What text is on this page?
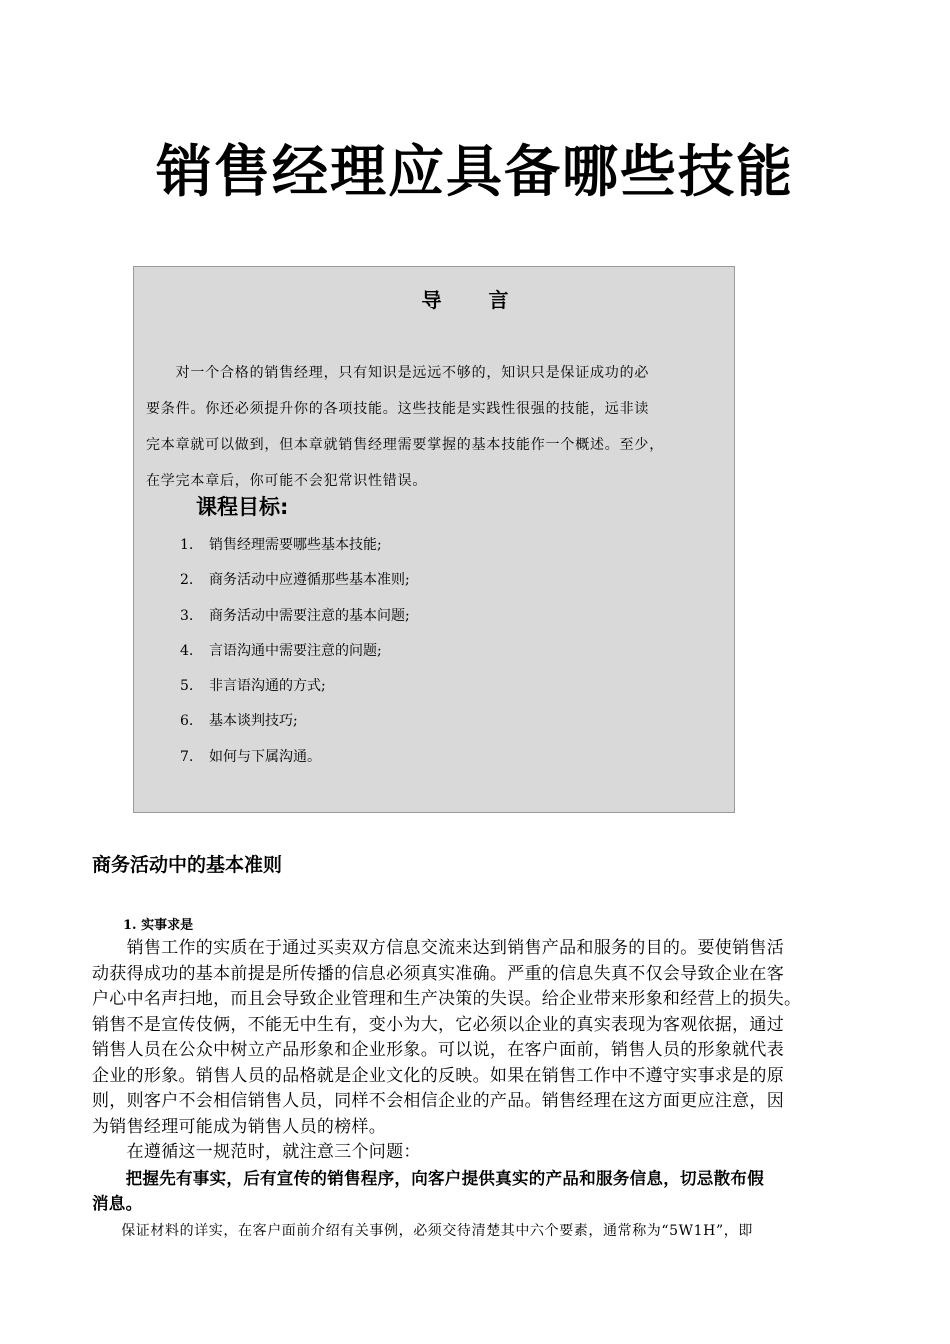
销售经理应具备哪些技能
导 言

　　对一个合格的销售经理，只有知识是远远不够的，知识只是保证成功的必
要条件。你还必须提升你的各项技能。这些技能是实践性很强的技能，远非读
完本章就可以做到，但本章就销售经理需要掌握的基本技能作一个概述。至少，
在学完本章后，你可能不会犯常识性错误。

课程目标:
1. 销售经理需要哪些基本技能;
2. 商务活动中应遵循那些基本准则;
3. 商务活动中需要注意的基本问题;
4. 言语沟通中需要注意的问题;
5. 非言语沟通的方式;
6. 基本谈判技巧;
7. 如何与下属沟通。
商务活动中的基本准则
1. 实事求是
　　销售工作的实质在于通过买卖双方信息交流来达到销售产品和服务的目的。要使销售活
动获得成功的基本前提是所传播的信息必须真实准确。严重的信息失真不仅会导致企业在客
户心中名声扫地，而且会导致企业管理和生产决策的失误。给企业带来形象和经营上的损失。
销售不是宣传伎俩，不能无中生有，变小为大，它必须以企业的真实表现为客观依据，通过
销售人员在公众中树立产品形象和企业形象。可以说，在客户面前，销售人员的形象就代表
企业的形象。销售人员的品格就是企业文化的反映。如果在销售工作中不遵守实事求是的原
则，则客户不会相信销售人员，同样不会相信企业的产品。销售经理在这方面更应注意，因
为销售经理可能成为销售人员的榜样。
　　在遵循这一规范时，就注意三个问题：
　　把握先有事实，后有宣传的销售程序，向客户提供真实的产品和服务信息，切忌散布假
消息。
　　保证材料的详实，在客户面前介绍有关事例，必须交待清楚其中六个要素，通常称为“5W1H”，即
